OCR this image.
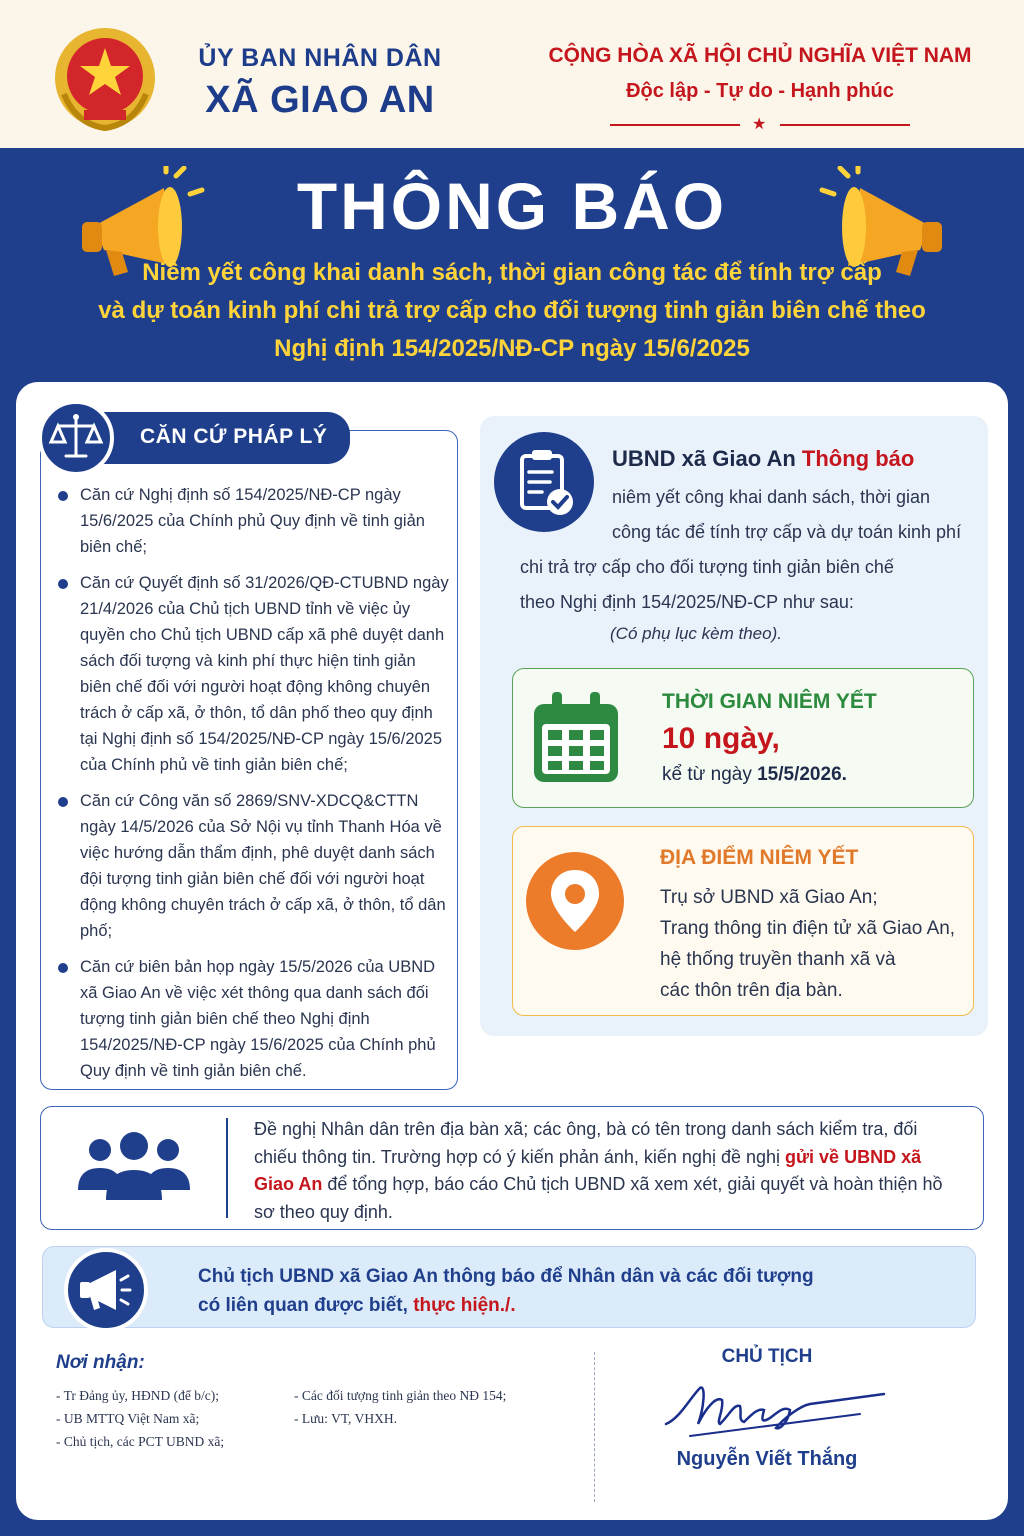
ỦY BAN NHÂN DÂN
XÃ GIAO AN
CỘNG HÒA XÃ HỘI CHỦ NGHĨA VIỆT NAM
Độc lập - Tự do - Hạnh phúc
★
THÔNG BÁO
Niêm yết công khai danh sách, thời gian công tác để tính trợ cấp
và dự toán kinh phí chi trả trợ cấp cho đối tượng tinh giản biên chế theo
Nghị định 154/2025/NĐ-CP ngày 15/6/2025
CĂN CỨ PHÁP LÝ
Căn cứ Nghị định số 154/2025/NĐ-CP ngày 15/6/2025 của Chính phủ Quy định về tinh giản biên chế;
Căn cứ Quyết định số 31/2026/QĐ-CTUBND ngày 21/4/2026 của Chủ tịch UBND tỉnh về việc ủy quyền cho Chủ tịch UBND cấp xã phê duyệt danh sách đối tượng và kinh phí thực hiện tinh giản biên chế đối với người hoạt động không chuyên trách ở cấp xã, ở thôn, tổ dân phố theo quy định tại Nghị định số 154/2025/NĐ-CP ngày 15/6/2025 của Chính phủ về tinh giản biên chế;
Căn cứ Công văn số 2869/SNV-XDCQ&CTTN ngày 14/5/2026 của Sở Nội vụ tỉnh Thanh Hóa về việc hướng dẫn thẩm định, phê duyệt danh sách đội tượng tinh giản biên chế đối với người hoạt động không chuyên trách ở cấp xã, ở thôn, tổ dân phố;
Căn cứ biên bản họp ngày 15/5/2026 của UBND xã Giao An về việc xét thông qua danh sách đối tượng tinh giản biên chế theo Nghị định 154/2025/NĐ-CP ngày 15/6/2025 của Chính phủ Quy định về tinh giản biên chế.
UBND xã Giao An Thông báo
niêm yết công khai danh sách, thời gian
công tác để tính trợ cấp và dự toán kinh phí
chi trả trợ cấp cho đối tượng tinh giản biên chế
theo Nghị định 154/2025/NĐ-CP như sau:
(Có phụ lục kèm theo).
THỜI GIAN NIÊM YẾT
10 ngày,
kể từ ngày 15/5/2026.
ĐỊA ĐIỂM NIÊM YẾT
Trụ sở UBND xã Giao An;
Trang thông tin điện tử xã Giao An,
hệ thống truyền thanh xã và
các thôn trên địa bàn.
Đề nghị Nhân dân trên địa bàn xã; các ông, bà có tên trong danh sách kiểm tra, đối chiếu thông tin. Trường hợp có ý kiến phản ánh, kiến nghị đề nghị gửi về UBND xã Giao An để tổng hợp, báo cáo Chủ tịch UBND xã xem xét, giải quyết và hoàn thiện hồ sơ theo quy định.
Chủ tịch UBND xã Giao An thông báo để Nhân dân và các đối tượng
có liên quan được biết, thực hiện./.
Nơi nhận:
- Tr Đảng ủy, HĐND (để b/c);
- UB MTTQ Việt Nam xã;
- Chủ tịch, các PCT UBND xã;
- Các đối tượng tinh giản theo NĐ 154;
- Lưu: VT, VHXH.
CHỦ TỊCH
Nguyễn Viết Thắng
